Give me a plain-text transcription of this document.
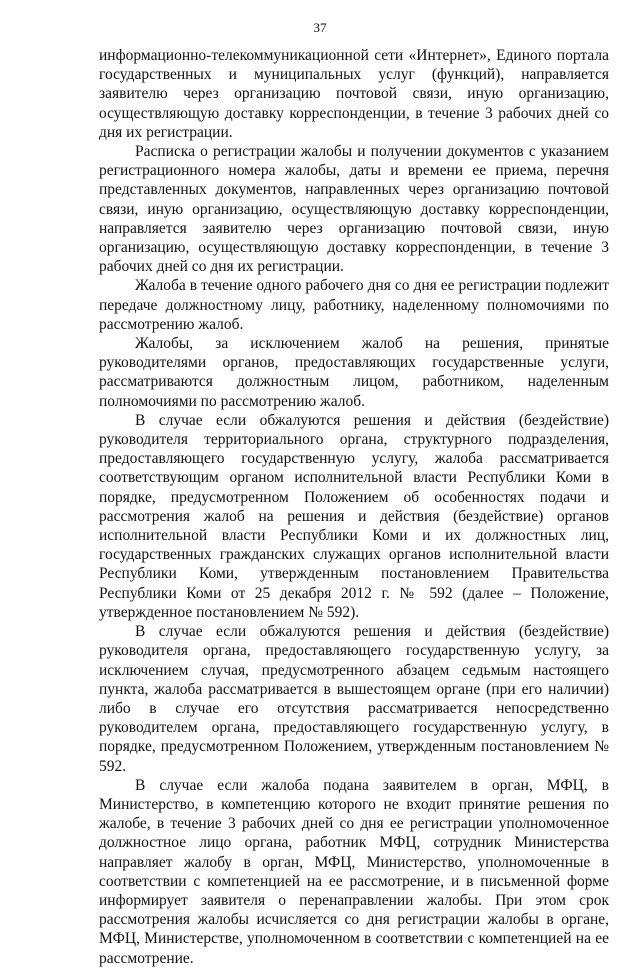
37

информационно-телекоммуникационной сети «Интернет», Единого портала государственных и муниципальных услуг (функций), направляется заявителю через организацию почтовой связи, иную организацию, осуществляющую доставку корреспонденции, в течение 3 рабочих дней со дня их регистрации.

Расписка о регистрации жалобы и получении документов с указанием регистрационного номера жалобы, даты и времени ее приема, перечня представленных документов, направленных через организацию почтовой связи, иную организацию, осуществляющую доставку корреспонденции, направляется заявителю через организацию почтовой связи, иную организацию, осуществляющую доставку корреспонденции, в течение 3 рабочих дней со дня их регистрации.

Жалоба в течение одного рабочего дня со дня ее регистрации подлежит передаче должностному лицу, работнику, наделенному полномочиями по рассмотрению жалоб.

Жалобы, за исключением жалоб на решения, принятые руководителями органов, предоставляющих государственные услуги, рассматриваются должностным лицом, работником, наделенным полномочиями по рассмотрению жалоб.

В случае если обжалуются решения и действия (бездействие) руководителя территориального органа, структурного подразделения, предоставляющего государственную услугу, жалоба рассматривается соответствующим органом исполнительной власти Республики Коми в порядке, предусмотренном Положением об особенностях подачи и рассмотрения жалоб на решения и действия (бездействие) органов исполнительной власти Республики Коми и их должностных лиц, государственных гражданских служащих органов исполнительной власти Республики Коми, утвержденным постановлением Правительства Республики Коми от 25 декабря 2012 г. № 592 (далее – Положение, утвержденное постановлением № 592).

В случае если обжалуются решения и действия (бездействие) руководителя органа, предоставляющего государственную услугу, за исключением случая, предусмотренного абзацем седьмым настоящего пункта, жалоба рассматривается в вышестоящем органе (при его наличии) либо в случае его отсутствия рассматривается непосредственно руководителем органа, предоставляющего государственную услугу, в порядке, предусмотренном Положением, утвержденным постановлением № 592.

В случае если жалоба подана заявителем в орган, МФЦ, в Министерство, в компетенцию которого не входит принятие решения по жалобе, в течение 3 рабочих дней со дня ее регистрации уполномоченное должностное лицо органа, работник МФЦ, сотрудник Министерства направляет жалобу в орган, МФЦ, Министерство, уполномоченные в соответствии с компетенцией на ее рассмотрение, и в письменной форме информирует заявителя о перенаправлении жалобы. При этом срок рассмотрения жалобы исчисляется со дня регистрации жалобы в органе, МФЦ, Министерстве, уполномоченном в соответствии с компетенцией на ее рассмотрение.
